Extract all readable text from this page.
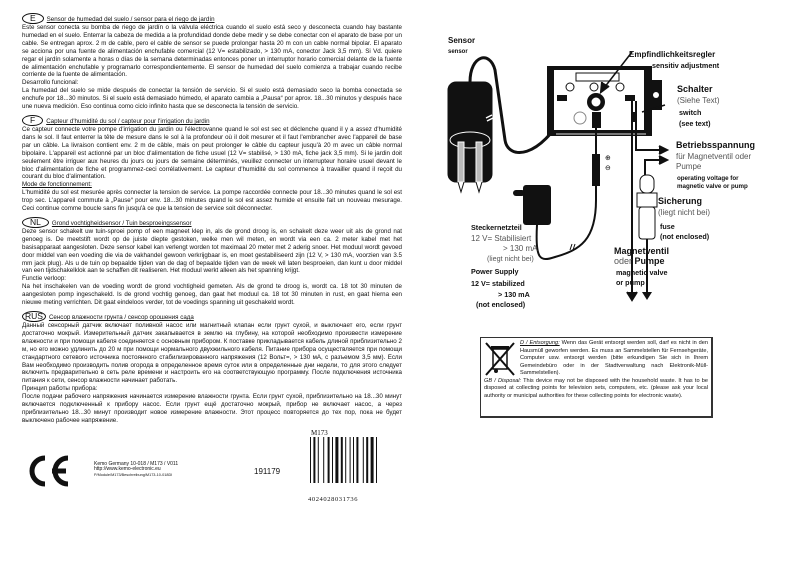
E	Sensor de humedad del suelo / sensor para el riego de jardín

Este sensor conecta su bomba de riego de jardín o la válvula eléctrica cuando el suelo está seco y desconecta cuando hay bastante humedad en el suelo. Enterrar la cabeza de medida a la profundidad donde debe medir y se debe conectar con el aparato de base por un cable. Se entregan aprox. 2 m de cable, pero el cable de sensor se puede prolongar hasta 20 m con un cable normal bipolar. El aparato se acciona por una fuente de alimentación enchufable comercial (12 V= estabilizado, > 130 mA, conector Jack 3,5 mm). Si Vd. quiere regar el jardín solamente a horas o días de la semana determinadas entonces poner un interruptor horario comercial delante de la fuente de alimentación enchufable y programarlo correspondientemente. El sensor de humedad del suelo comienza a trabajar cuando recibe corriente de la fuente de alimentación.

Desarrollo funcional:

La humedad del suelo se mide después de conectar la tensión de servicio. Si el suelo está demasiado seco la bomba conectada se enchufe por 18...30 minutos. Si el suelo está demasiado húmedo, el aparato cambia a „Pausa“ por aprox. 18...30 minutos y después hace une nueva medición. Eso continua como ciclo infinito hasta que se desconecta la tensión de servicio.

F	Capteur d'humidité du sol / capteur pour l'irrigation du jardin

Ce capteur connecte votre pompe d'irrigation du jardin ou l'électrovanne quand le sol est sec et déclenche quand il y a assez d'humidité dans le sol. Il faut enterrer la tête de mesure dans le sol à la profondeur où il doit mesurer et il faut l'embrancher avec l'appareil de base par un câble. La livraison contient env. 2 m de câble, mais on peut prolonger le câble du capteur jusqu'à 20 m avec un câble normal bipolaire. L'appareil est actionné par un bloc d'alimentation de fiche usuel (12 V= stabilisé, > 130 mA, fiche jack 3,5 mm). Si le jardin doit seulement être irriguer aux heures du jours ou jours de semaine déterminés, veuillez connecter un interrupteur horaire usuel devant le bloc d'alimentation de fiche et programmez-ceci corrélativement. Le capteur d'humidité du sol commence à travailler quand il reçoit du courant du bloc d'alimentation.

Mode de fonctionnement:

L'humidité du sol est mesurée après connecter la tension de service. La pompe raccordée connecte pour 18...30 minutes quand le sol est trop sec. L'appareil commute à „Pause“ pour env. 18...30 minutes quand le sol est assez humide et ensuite fait un nouveau mesurage. Ceci continue comme boucle sans fin jusqu'à ce que la tension de service soit déconnecter.

NL	Grond vochtigheidsensor / Tuin besproeingssensor

Deze sensor schakelt uw tuin-sproei pomp of een magneet klep in, als de grond droog is, en schakelt deze weer uit als de grond nat genoeg is. De meetstift wordt op de juiste diepte gestoken, welke men wil meten, en wordt via een ca. 2 meter kabel met het basisapparaat aangesloten. Deze sensor kabel kan verlengt worden tot maximaal 20 meter met 2 aderig snoer. Het moduul wordt gevoed door middel van een voeding die via de vakhandel gewoon verkrijgbaar is, en moet gestabiliseerd zijn (12 V, > 130 mA, voorzien van 3.5 mm jack plug). Als u de tuin op bepaalde tijden van de dag of bepaalde tijden van de week wil laten besproeien, dan kunt u door middel van een tijdschakelklok aan te schaffen dit realiseren. Het moduul werkt alleen als het spanning krijgt.

Functie verloop:

Na het inschakelen van de voeding wordt de grond vochtigheid gemeten. Als de grond te droog is, wordt ca. 18 tot 30 minuten de aangesloten pomp ingeschakeld. Is de grond vochtig genoeg, dan gaat het moduul ca. 18 tot 30 minuten in rust, en gaat hierna een nieuwe meting verrichten. Dit gaat eindeloos verder, tot de voedings spanning uit geschakeld wordt.

RUS Сенсор влажности грунта / сенсор орошения сада

Данный сенсорный датчик включает поливной насос или магнитный клапан если грунт сухой, и выключает его, если грунт достаточно мокрый. Измерительный датчик закапывается в землю на глубину, на которой необходимо произвести измерение влажности и при помощи кабеля соединяется с основным прибором. К поставке прикладывается кабель длиной приблизительно 2 м, но его можно удлинить до 20 м при помощи нормального двухжильного кабеля. Питание прибора осуществляется при помощи стандартного сетевого источника постоянного стабилизированного напряжения (12 Вольт=, > 130 мА, с разъемом 3,5 мм). Если Вам необходимо производить полив огорода в определенное время суток или в определенные дни недели, то для этого следует включить предварительно в сеть реле времени и настроить его на соответствующую программу. После подключения источника питания к сети, сенсор влажности начинает работать.

Принцип работы прибора:

После подачи рабочего напряжения начинается измерение влажности грунта. Если грунт сухой, приблизительно на 18...30 минут включается подключенный к прибору насос. Если грунт ещё достаточно мокрый, прибор не включает насос, а через приблизительно 18...30 минут производит новое измерение влажности. Этот процесс повторяется до тех пор, пока не будет выключено рабочее напряжение.

Kemo Germany 10-018 / M173 / V011
http://www.kemo-electronic.eu
P/Module/M173/Beschreibung/M173-10-018DI	191179
M173
4024028031736
⊕
⊖
Sensor
sensor	Empfindlichkeitsregler
sensitiv adjustment
Schalter
(Siehe Text)
switch
(see text)
Betriebsspannung
für Magnetventil oder
Pumpe
operating voltage for
magnetic valve or pump
Sicherung
(liegt nicht bei)
fuse
(not enclosed)
Magnetventil
oder Pumpe
magnetic valve
or pump
Steckernetzteil
12 V= Stabilisiert
> 130 mA
(liegt nicht bei)
Power Supply
12 V= stabilized
> 130 mA
(not enclosed)

D / Entsorgung: Wenn das Gerät entsorgt werden soll, darf es nicht in den Hausmüll geworfen werden. Es muss an Sammelstellen für Fernsehgeräte, Computer usw. entsorgt werden (bitte erkundigen Sie sich in Ihrem Gemeindebüro oder in der Stadtverwaltung nach Elektronik-Müll-Sammelstellen).

GB / Disposal: This device may not be disposed with the household waste. It has to be disposed at collecting points for television sets, computers, etc. (please ask your local authority or municipal authorities for these collecting points for electronic waste).
